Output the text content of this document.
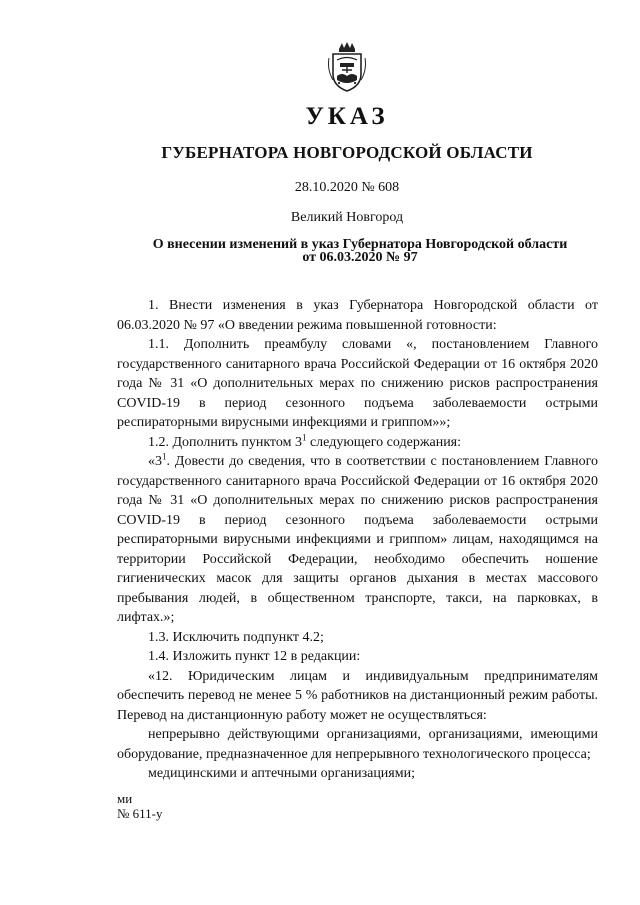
УКАЗ
ГУБЕРНАТОРА НОВГОРОДСКОЙ ОБЛАСТИ
28.10.2020 № 608
Великий Новгород
О внесении изменений в указ Губернатора Новгородской области
от 06.03.2020 № 97

1. Внести изменения в указ Губернатора Новгородской области от 06.03.2020 № 97 «О введении режима повышенной готовности:

1.1. Дополнить преамбулу словами «, постановлением Главного государственного санитарного врача Российской Федерации от 16 октября 2020 года № 31 «О дополнительных мерах по снижению рисков распространения COVID-19 в период сезонного подъема заболеваемости острыми респираторными вирусными инфекциями и гриппом»»;

1.2. Дополнить пунктом $3^1$ следующего содержания:

«$3^1$. Довести до сведения, что в соответствии с постановлением Главного государственного санитарного врача Российской Федерации от 16 октября 2020 года № 31 «О дополнительных мерах по снижению рисков распространения COVID-19 в период сезонного подъема заболеваемости острыми респираторными вирусными инфекциями и гриппом» лицам, находящимся на территории Российской Федерации, необходимо обеспечить ношение гигиенических масок для защиты органов дыхания в местах массового пребывания людей, в общественном транспорте, такси, на парковках, в лифтах.»;

1.3. Исключить подпункт 4.2;

1.4. Изложить пункт 12 в редакции:

«12. Юридическим лицам и индивидуальным предпринимателям обеспечить перевод не менее 5 % работников на дистанционный режим работы. Перевод на дистанционную работу может не осуществляться:

непрерывно действующими организациями, организациями, имеющими оборудование, предназначенное для непрерывного технологического процесса;

медицинскими и аптечными организациями;

ми
№ 611-у
